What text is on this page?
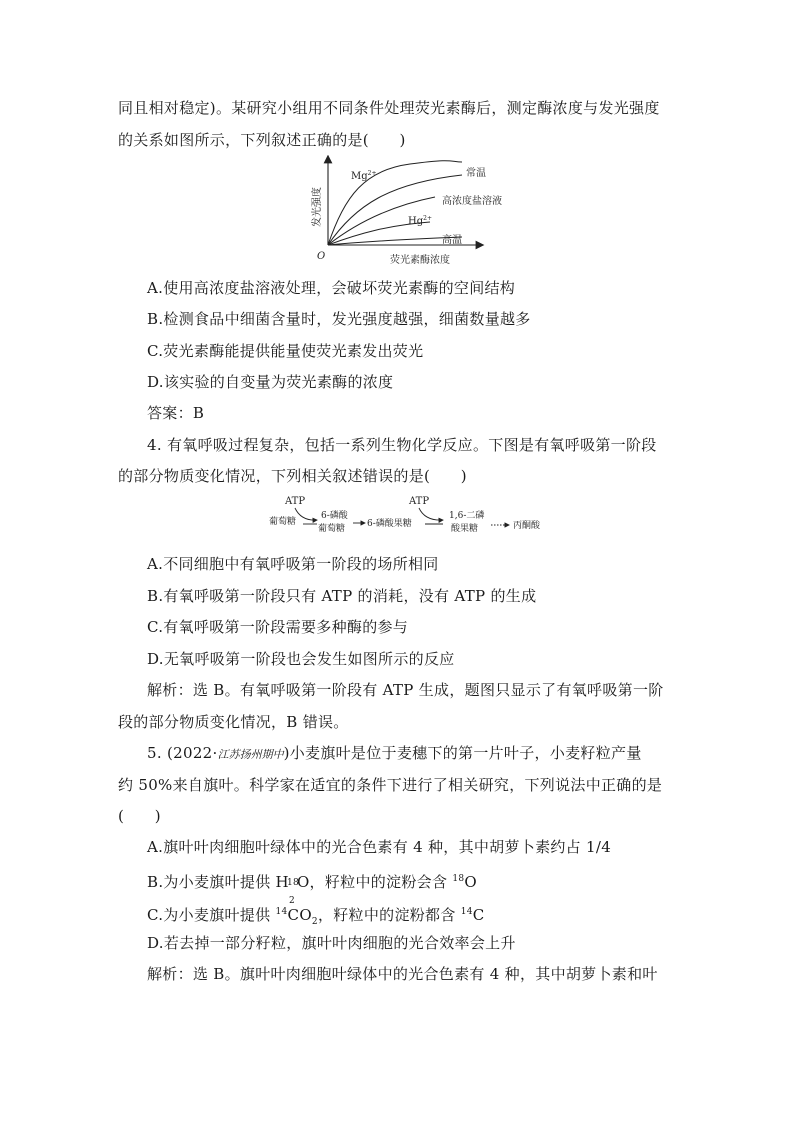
同且相对稳定)。某研究小组用不同条件处理荧光素酶后，测定酶浓度与发光强度
的关系如图所示，下列叙述正确的是(　　)
$Mg^{2+}$	常温
高浓度盐溶液
$Hg^{2+}$
高温
O	荧光素酶浓度
发光强度
A.使用高浓度盐溶液处理，会破坏荧光素酶的空间结构
B.检测食品中细菌含量时，发光强度越强，细菌数量越多
C.荧光素酶能提供能量使荧光素发出荧光
D.该实验的自变量为荧光素酶的浓度
答案：B
4. 有氧呼吸过程复杂，包括一系列生物化学反应。下图是有氧呼吸第一阶段
的部分物质变化情况，下列相关叙述错误的是(　　)
ATP	ATP
葡萄糖
6-磷酸
葡萄糖 6-磷酸果糖
1,6-二磷
酸果糖	丙酮酸
A.不同细胞中有氧呼吸第一阶段的场所相同
B.有氧呼吸第一阶段只有 ATP 的消耗，没有 ATP 的生成
C.有氧呼吸第一阶段需要多种酶的参与
D.无氧呼吸第一阶段也会发生如图所示的反应
解析：选 B。有氧呼吸第一阶段有 ATP 生成，题图只显示了有氧呼吸第一阶
段的部分物质变化情况，B 错误。
5. (2022·江苏扬州期中)小麦旗叶是位于麦穗下的第一片叶子，小麦籽粒产量
约 50%来自旗叶。科学家在适宜的条件下进行了相关研究，下列说法中正确的是
(　　)
A.旗叶叶肉细胞叶绿体中的光合色素有 4 种，其中胡萝卜素约占 1/4
B.为小麦旗叶提供 H
18
2
O，籽粒中的淀粉会含 $^{18}$O
C.为小麦旗叶提供 $^{14}CO_2$，籽粒中的淀粉都含 $^{14}$C
D.若去掉一部分籽粒，旗叶叶肉细胞的光合效率会上升
解析：选 B。旗叶叶肉细胞叶绿体中的光合色素有 4 种，其中胡萝卜素和叶
